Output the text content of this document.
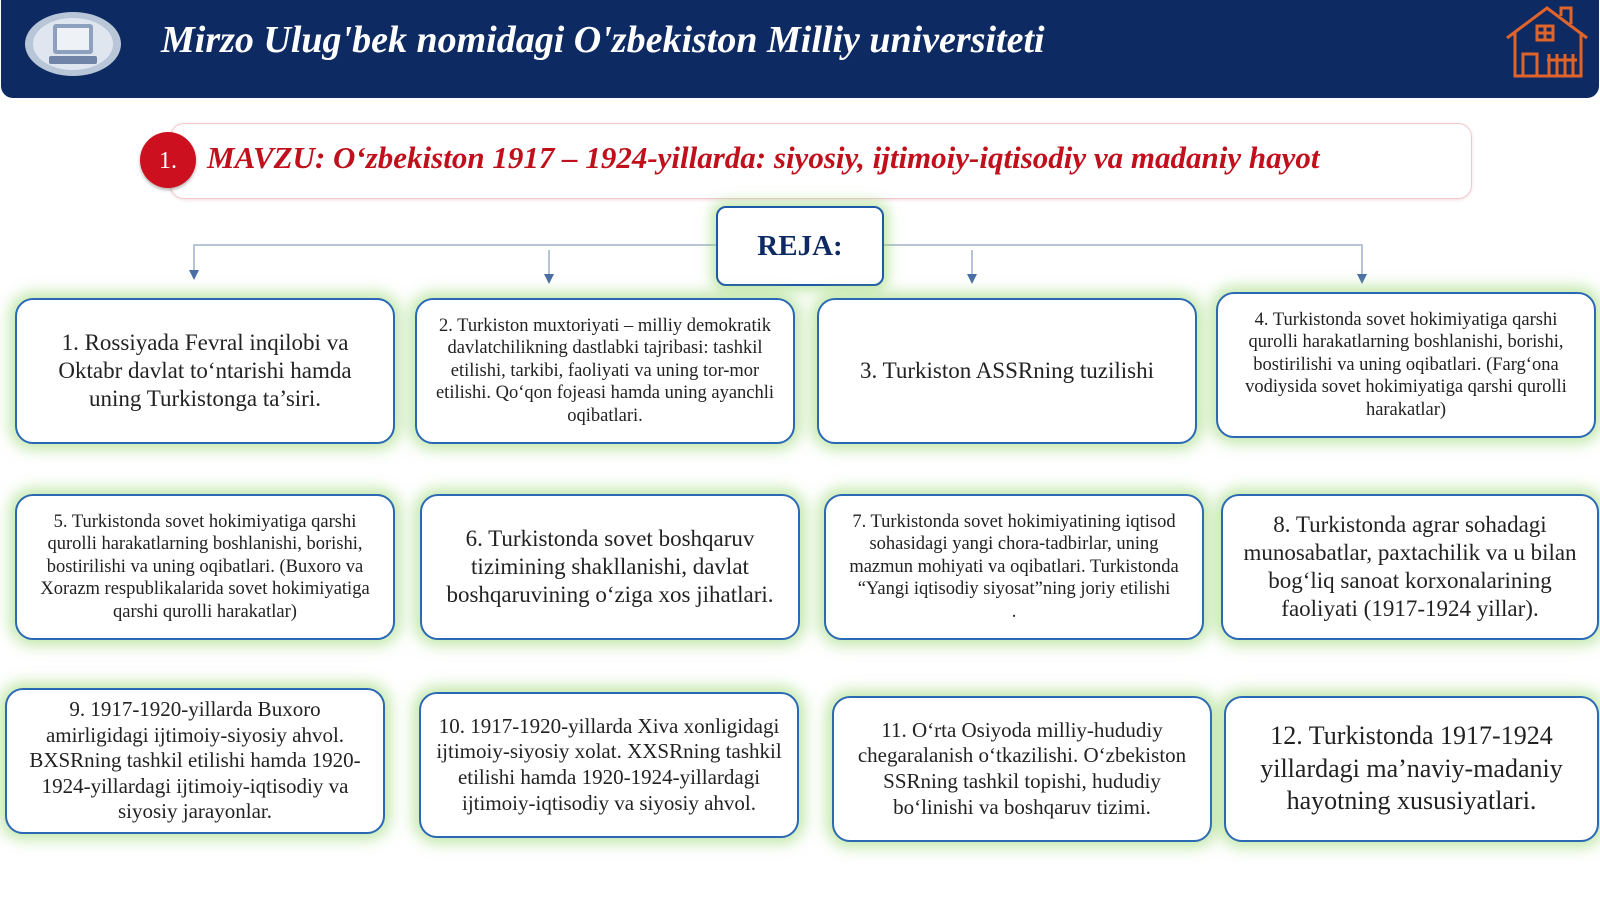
Mirzo Ulug'bek nomidagi O'zbekiston Milliy universiteti
1. MAVZU: O‘zbekiston 1917 – 1924-yillarda: siyosiy, ijtimoiy-iqtisodiy va madaniy hayot
REJA:
1. Rossiyada Fevral inqilobi va Oktabr davlat to‘ntarishi hamda uning Turkistonga ta’siri.
2. Turkiston muxtoriyati – milliy demokratik davlatchilikning dastlabki tajribasi: tashkil etilishi, tarkibi, faoliyati va uning tor-mor etilishi. Qo‘qon fojeasi hamda uning ayanchli oqibatlari.
3. Turkiston ASSRning tuzilishi
4. Turkistonda sovet hokimiyatiga qarshi qurolli harakatlarning boshlanishi, borishi, bostirilishi va uning oqibatlari. (Farg‘ona vodiysida sovet hokimiyatiga qarshi qurolli harakatlar)
5. Turkistonda sovet hokimiyatiga qarshi qurolli harakatlarning boshlanishi, borishi, bostirilishi va uning oqibatlari. (Buxoro va Xorazm respublikalarida sovet hokimiyatiga qarshi qurolli harakatlar)
6. Turkistonda sovet boshqaruv tizimining shakllanishi, davlat boshqaruvining o‘ziga xos jihatlari.
7. Turkistonda sovet hokimiyatining iqtisod sohasidagi yangi chora-tadbirlar, uning mazmun mohiyati va oqibatlari. Turkistonda “Yangi iqtisodiy siyosat”ning joriy etilishi
.
8. Turkistonda agrar sohadagi munosabatlar, paxtachilik va u bilan bog‘liq sanoat korxonalarining faoliyati (1917-1924 yillar).
9. 1917-1920-yillarda Buxoro amirligidagi ijtimoiy-siyosiy ahvol. BXSRning tashkil etilishi hamda 1920-1924-yillardagi ijtimoiy-iqtisodiy va siyosiy jarayonlar.
10. 1917-1920-yillarda Xiva xonligidagi ijtimoiy-siyosiy xolat. XXSRning tashkil etilishi hamda 1920-1924-yillardagi ijtimoiy-iqtisodiy va siyosiy ahvol.
11. O‘rta Osiyoda milliy-hududiy chegaralanish o‘tkazilishi. O‘zbekiston SSRning tashkil topishi, hududiy bo‘linishi va boshqaruv tizimi.
12. Turkistonda 1917-1924 yillardagi ma’naviy-madaniy hayotning xususiyatlari.
